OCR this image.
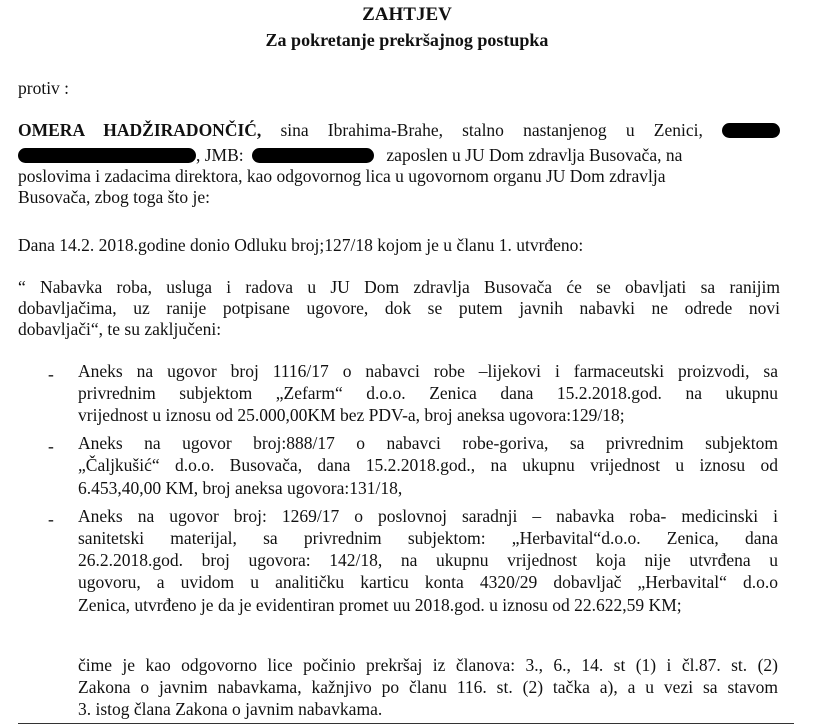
ZAHTJEV
Za pokretanje prekršajnog postupka
protiv :
OMERA HADŽIRADONČIĆ, sina Ibrahima-Brahe, stalno nastanjenog u Zenici,
, JMB:	zaposlen u JU Dom zdravlja Busovača, na
poslovima i zadacima direktora, kao odgovornog lica u ugovornom organu JU Dom zdravlja
Busovača, zbog toga što je:
Dana 14.2. 2018.godine donio Odluku broj;127/18 kojom je u članu 1. utvrđeno:
“ Nabavka roba, usluga i radova u JU Dom zdravlja Busovača će se obavljati sa ranijim
dobavljačima, uz ranije potpisane ugovore, dok se putem javnih nabavki ne odrede novi
dobavljači“, te su zaključeni:
- Aneks na ugovor broj 1116/17 o nabavci robe –lijekovi i farmaceutski proizvodi, sa
privrednim subjektom „Zefarm“ d.o.o. Zenica dana 15.2.2018.god. na ukupnu
vrijednost u iznosu od 25.000,00KM bez PDV-a, broj aneksa ugovora:129/18;
- Aneks na ugovor broj:888/17 o nabavci robe-goriva, sa privrednim subjektom
„Čaljkušić“ d.o.o. Busovača, dana 15.2.2018.god., na ukupnu vrijednost u iznosu od
6.453,40,00 KM, broj aneksa ugovora:131/18,
- Aneks na ugovor broj: 1269/17 o poslovnoj saradnji – nabavka roba- medicinski i
sanitetski materijal, sa privrednim subjektom: „Herbavital“d.o.o. Zenica, dana
26.2.2018.god. broj ugovora: 142/18, na ukupnu vrijednost koja nije utvrđena u
ugovoru, a uvidom u analitičku karticu konta 4320/29 dobavljač „Herbavital“ d.o.o
Zenica, utvrđeno je da je evidentiran promet uu 2018.god. u iznosu od 22.622,59 KM;
čime je kao odgovorno lice počinio prekršaj iz članova: 3., 6., 14. st (1) i čl.87. st. (2)
Zakona o javnim nabavkama, kažnjivo po članu 116. st. (2) tačka a), a u vezi sa stavom
3. istog člana Zakona o javnim nabavkama.
